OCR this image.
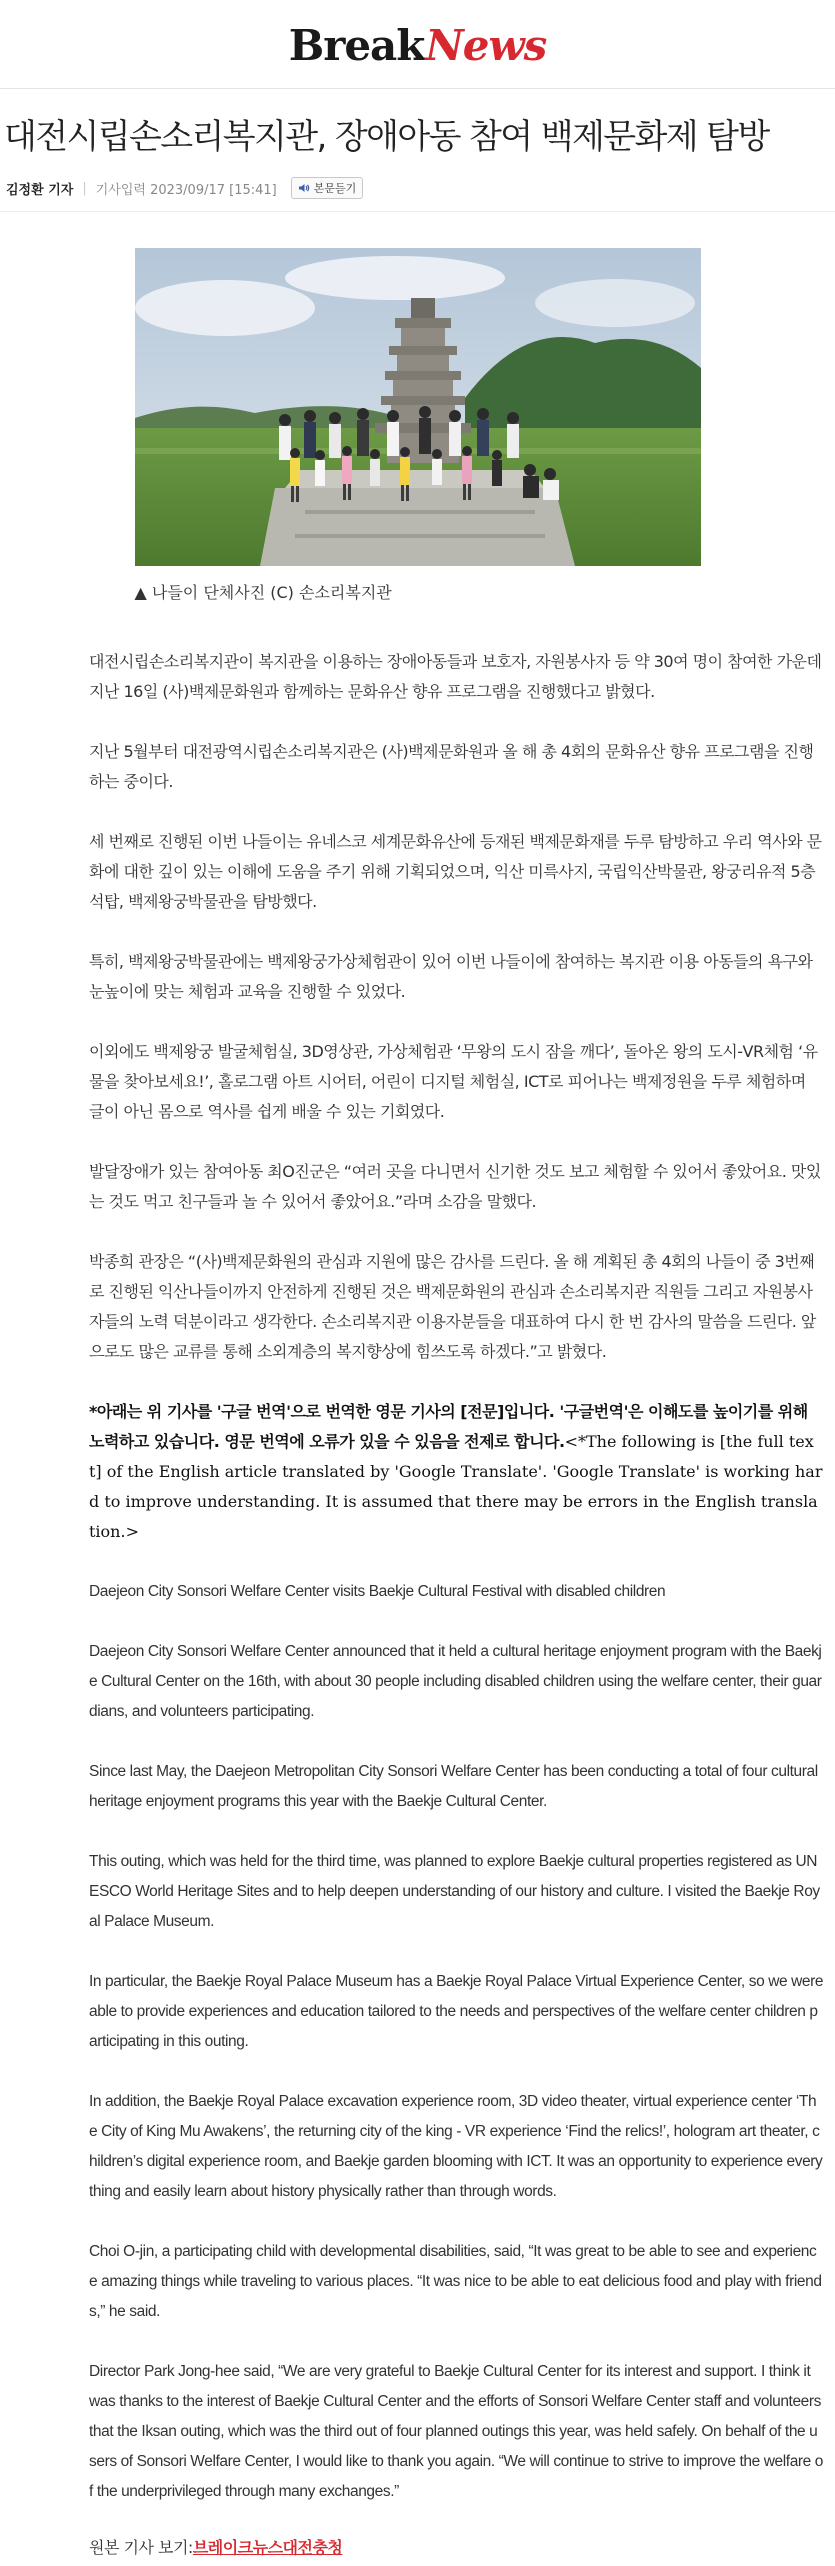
BreakNews
대전시립손소리복지관, 장애아동 참여 백제문화제 탐방
김정환 기자 | 기사입력 2023/09/17 [15:41]	본문듣기
▲ 나들이 단체사진 (C) 손소리복지관

대전시립손소리복지관이 복지관을 이용하는 장애아동들과 보호자, 자원봉사자 등 약 30여 명이 참여한 가운데 지난 16일 (사)백제문화원과 함께하는 문화유산 향유 프로그램을 진행했다고 밝혔다.

지난 5월부터 대전광역시립손소리복지관은 (사)백제문화원과 올 해 총 4회의 문화유산 향유 프로그램을 진행하는 중이다.

세 번째로 진행된 이번 나들이는 유네스코 세계문화유산에 등재된 백제문화재를 두루 탐방하고 우리 역사와 문화에 대한 깊이 있는 이해에 도움을 주기 위해 기획되었으며, 익산 미륵사지, 국립익산박물관, 왕궁리유적 5층 석탑, 백제왕궁박물관을 탐방했다.

특히, 백제왕궁박물관에는 백제왕궁가상체험관이 있어 이번 나들이에 참여하는 복지관 이용 아동들의 욕구와 눈높이에 맞는 체험과 교육을 진행할 수 있었다.

이외에도 백제왕궁 발굴체험실, 3D영상관, 가상체험관 ‘무왕의 도시 잠을 깨다’, 돌아온 왕의 도시-VR체험 ‘유물을 찾아보세요!’, 홀로그램 아트 시어터, 어린이 디지털 체험실, ICT로 피어나는 백제정원을 두루 체험하며 글이 아닌 몸으로 역사를 쉽게 배울 수 있는 기회였다.

발달장애가 있는 참여아동 최O진군은 “여러 곳을 다니면서 신기한 것도 보고 체험할 수 있어서 좋았어요. 맛있는 것도 먹고 친구들과 놀 수 있어서 좋았어요.”라며 소감을 말했다.

박종희 관장은 “(사)백제문화원의 관심과 지원에 많은 감사를 드린다. 올 해 계획된 총 4회의 나들이 중 3번째로 진행된 익산나들이까지 안전하게 진행된 것은 백제문화원의 관심과 손소리복지관 직원들 그리고 자원봉사자들의 노력 덕분이라고 생각한다. 손소리복지관 이용자분들을 대표하여 다시 한 번 감사의 말씀을 드린다. 앞으로도 많은 교류를 통해 소외계층의 복지향상에 힘쓰도록 하겠다.”고 밝혔다.

*아래는 위 기사를 '구글 번역'으로 번역한 영문 기사의 [전문]입니다. '구글번역'은 이해도를 높이기를 위해 노력하고 있습니다. 영문 번역에 오류가 있을 수 있음을 전제로 합니다.<*The following is [the full text] of the English article translated by 'Google Translate'. 'Google Translate' is working hard to improve understanding. It is assumed that there may be errors in the English translation.>

Daejeon City Sonsori Welfare Center visits Baekje Cultural Festival with disabled children

Daejeon City Sonsori Welfare Center announced that it held a cultural heritage enjoyment program with the Baekje Cultural Center on the 16th, with about 30 people including disabled children using the welfare center, their guardians, and volunteers participating.

Since last May, the Daejeon Metropolitan City Sonsori Welfare Center has been conducting a total of four cultural heritage enjoyment programs this year with the Baekje Cultural Center.

This outing, which was held for the third time, was planned to explore Baekje cultural properties registered as UNESCO World Heritage Sites and to help deepen understanding of our history and culture. I visited the Baekje Royal Palace Museum.

In particular, the Baekje Royal Palace Museum has a Baekje Royal Palace Virtual Experience Center, so we were able to provide experiences and education tailored to the needs and perspectives of the welfare center children participating in this outing.

In addition, the Baekje Royal Palace excavation experience room, 3D video theater, virtual experience center ‘The City of King Mu Awakens’, the returning city of the king - VR experience ‘Find the relics!’, hologram art theater, children’s digital experience room, and Baekje garden blooming with ICT. It was an opportunity to experience everything and easily learn about history physically rather than through words.

Choi O-jin, a participating child with developmental disabilities, said, “It was great to be able to see and experience amazing things while traveling to various places. “It was nice to be able to eat delicious food and play with friends,” he said.

Director Park Jong-hee said, “We are very grateful to Baekje Cultural Center for its interest and support. I think it was thanks to the interest of Baekje Cultural Center and the efforts of Sonsori Welfare Center staff and volunteers that the Iksan outing, which was the third out of four planned outings this year, was held safely. On behalf of the users of Sonsori Welfare Center, I would like to thank you again. “We will continue to strive to improve the welfare of the underprivileged through many exchanges.”

원본 기사 보기:브레이크뉴스대전충청
